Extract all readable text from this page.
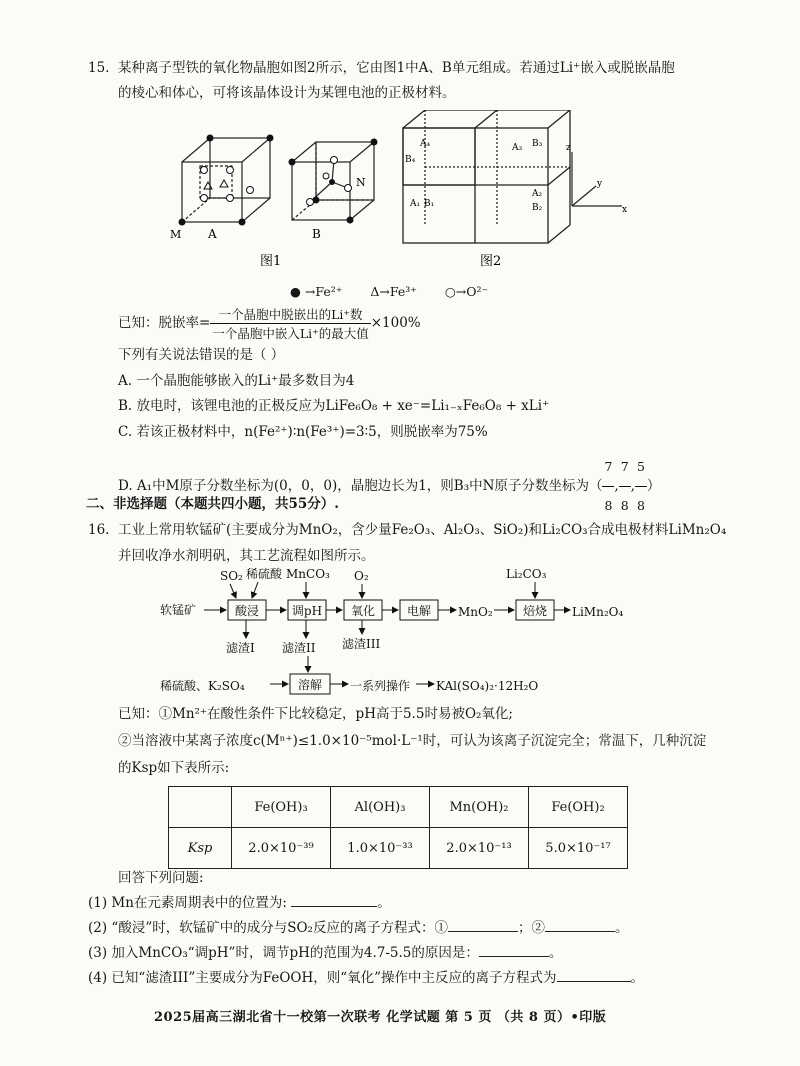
15. 某种离子型铁的氧化物晶胞如图2所示，它由图1中A、B单元组成。若通过Li⁺嵌入或脱嵌晶胞
的棱心和体心，可将该晶体设计为某锂电池的正极材料。
M A
图1
N
B
A₄	A₃ B₃
B₄
A₂
A₁ B₁	B₂
图2
z
y
x
● →Fe²⁺ Δ→Fe³⁺ ○→O²⁻
已知：脱嵌率= $\frac{\text{一个晶胞中脱嵌出的Li⁺数}}{\text{一个晶胞中嵌入Li⁺的最大值}} \times 100\%$
下列有关说法错误的是（ ）
A. 一个晶胞能够嵌入的Li⁺最多数目为4
B. 放电时，该锂电池的正极反应为LiFe₆O₈ + xe⁻=Li₁₋ₓFe₆O₈ + xLi⁺
C. 若该正极材料中，n(Fe²⁺)∶n(Fe³⁺)=3∶5，则脱嵌率为75%
D. A₁中M原子分数坐标为(0，0，0)，晶胞边长为1，则B₃中N原子分数坐标为（ $\frac{7}{8}$ , $\frac{7}{8}$ , $\frac{5}{8}$ ）
二、非选择题（本题共四小题，共55分）.
16. 工业上常用软锰矿(主要成分为MnO₂，含少量Fe₂O₃、Al₂O₃、SiO₂)和Li₂CO₃合成电极材料LiMn₂O₄
并回收净水剂明矾，其工艺流程如图所示。
SO₂ 稀硫酸 MnCO₃ O₂	Li₂CO₃
软锰矿	MnO₂	LiMn₂O₄
滤渣I 滤渣II 滤渣III
稀硫酸、K₂SO₄	一系列操作 KAl(SO₄)₂·12H₂O
酸浸	调pH 氧化	电解	焙烧
溶解
已知：①Mn²⁺在酸性条件下比较稳定，pH高于5.5时易被O₂氧化;
②当溶液中某离子浓度c(Mⁿ⁺)≤1.0×10⁻⁵mol·L⁻¹时，可认为该离子沉淀完全；常温下，几种沉淀
的Ksp如下表所示:
	Fe(OH)₃	Al(OH)₃	Mn(OH)₂	Fe(OH)₂
Ksp	2.0×10⁻³⁹	1.0×10⁻³³	2.0×10⁻¹³	5.0×10⁻¹⁷
回答下列问题:
(1) Mn在元素周期表中的位置为:	。
(2) “酸浸”时，软锰矿中的成分与SO₂反应的离子方程式：①	；②	。
(3) 加入MnCO₃“调pH”时，调节pH的范围为4.7-5.5的原因是：	。
(4) 已知“滤渣III”主要成分为FeOOH，则“氧化”操作中主反应的离子方程式为	。
2025届高三湖北省十一校第一次联考 化学试题 第 5 页 （共 8 页）•印版
